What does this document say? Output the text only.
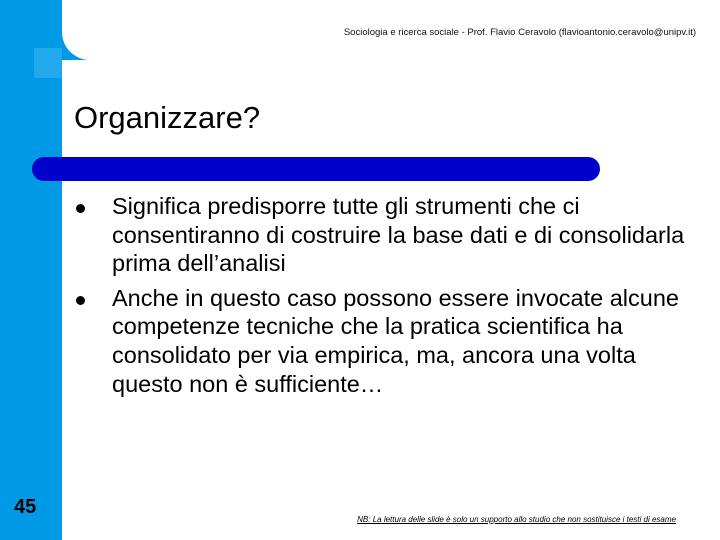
Sociologia e ricerca sociale - Prof. Flavio Ceravolo (flavioantonio.ceravolo@unipv.it)
Organizzare?
Significa predisporre tutte gli strumenti che ci consentiranno di costruire la base dati e di consolidarla prima dell’analisi
Anche in questo caso possono essere invocate alcune competenze tecniche che la pratica scientifica ha consolidato per via empirica, ma, ancora una volta questo non è sufficiente…
45
NB: La lettura delle slide è solo un supporto allo studio che non sostituisce i testi di esame
